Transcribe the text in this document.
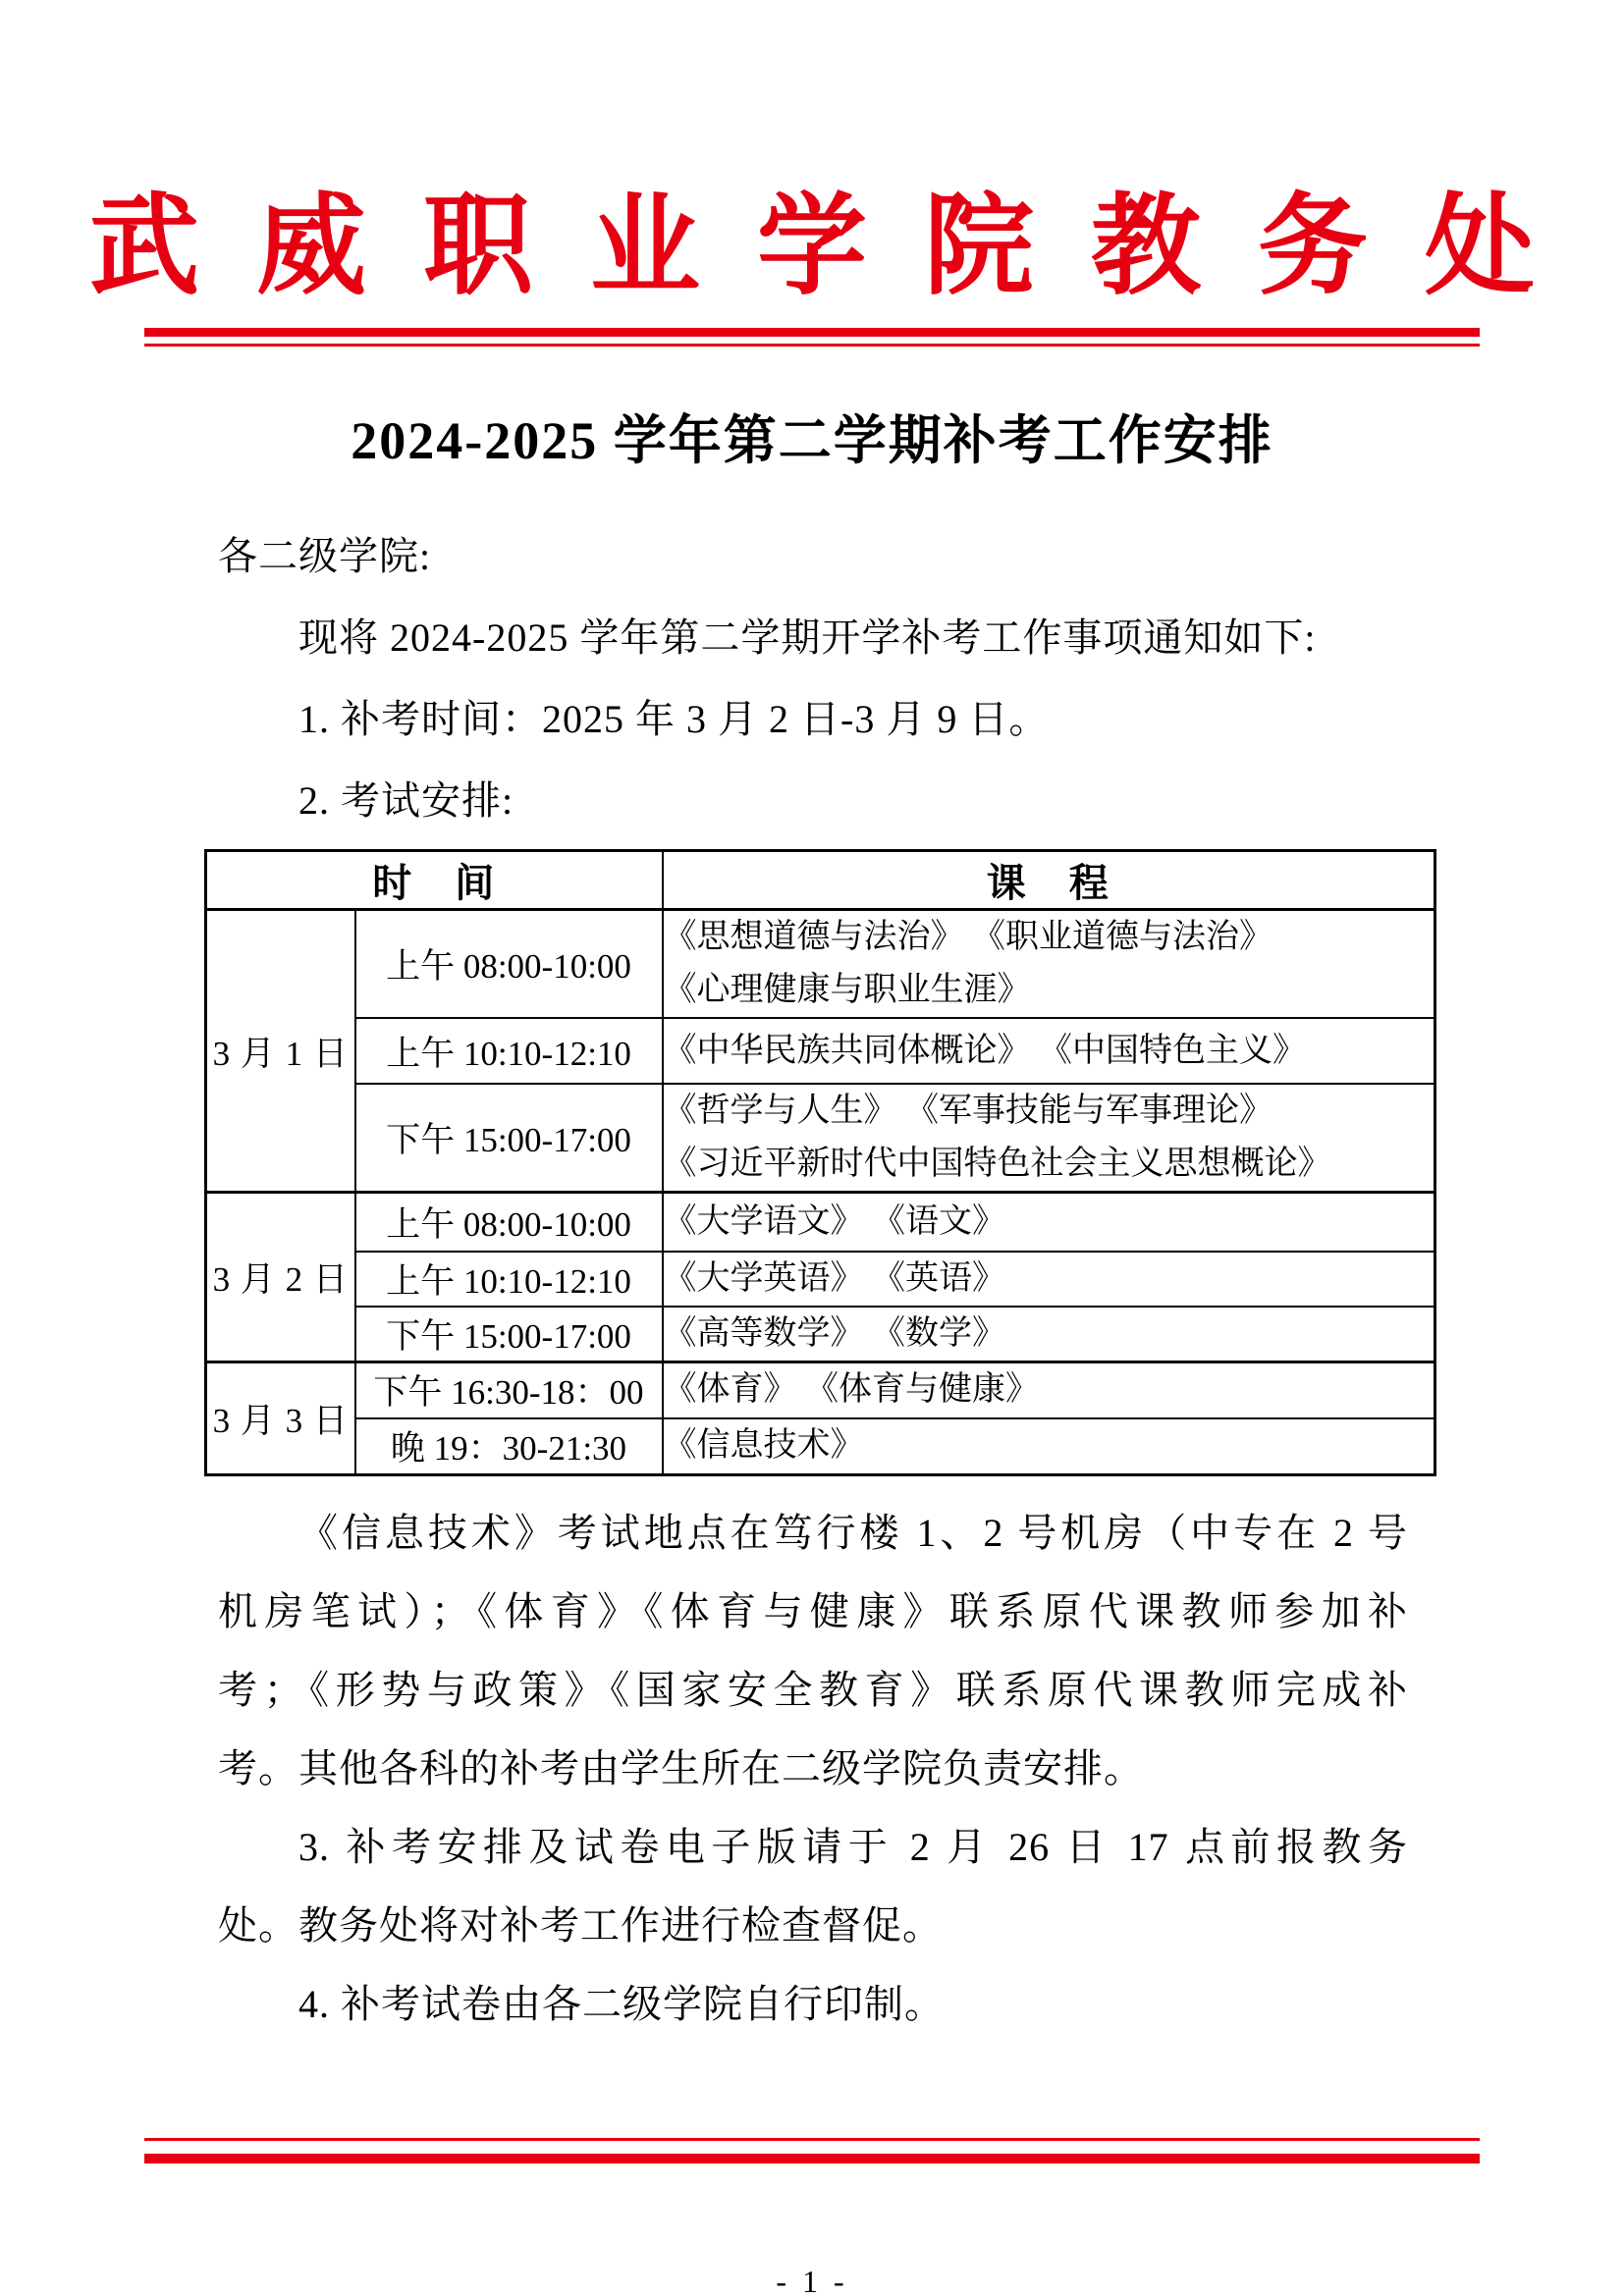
武威职业学院教务处
2024-2025 学年第二学期补考工作安排
各二级学院:
现将 2024-2025 学年第二学期开学补考工作事项通知如下:
1. 补考时间：2025 年 3 月 2 日-3 月 9 日。
2. 考试安排:
时　间		课　程
3 月 1 日	上午 08:00-10:00	《思想道德与法治》 《职业道德与法治》
《心理健康与职业生涯》

	上午 10:10-12:10	《中华民族共同体概论》 《中国特色主义》

	下午 15:00-17:00	《哲学与人生》 《军事技能与军事理论》
《习近平新时代中国特色社会主义思想概论》

3 月 2 日	上午 08:00-10:00	《大学语文》 《语文》

	上午 10:10-12:10	《大学英语》 《英语》

	下午 15:00-17:00	《高等数学》 《数学》

3 月 3 日	下午 16:30-18：00	《体育》 《体育与健康》

	晚 19：30-21:30	《信息技术》
《信息技术》考试地点在笃行楼 1、2 号机房（中专在 2 号
机房笔试）；《体育》《体育与健康》联系原代课教师参加补
考；《形势与政策》《国家安全教育》联系原代课教师完成补
考。其他各科的补考由学生所在二级学院负责安排。
3. 补考安排及试卷电子版请于 2 月 26 日 17 点前报教务
处。教务处将对补考工作进行检查督促。
4. 补考试卷由各二级学院自行印制。
- 1 -
